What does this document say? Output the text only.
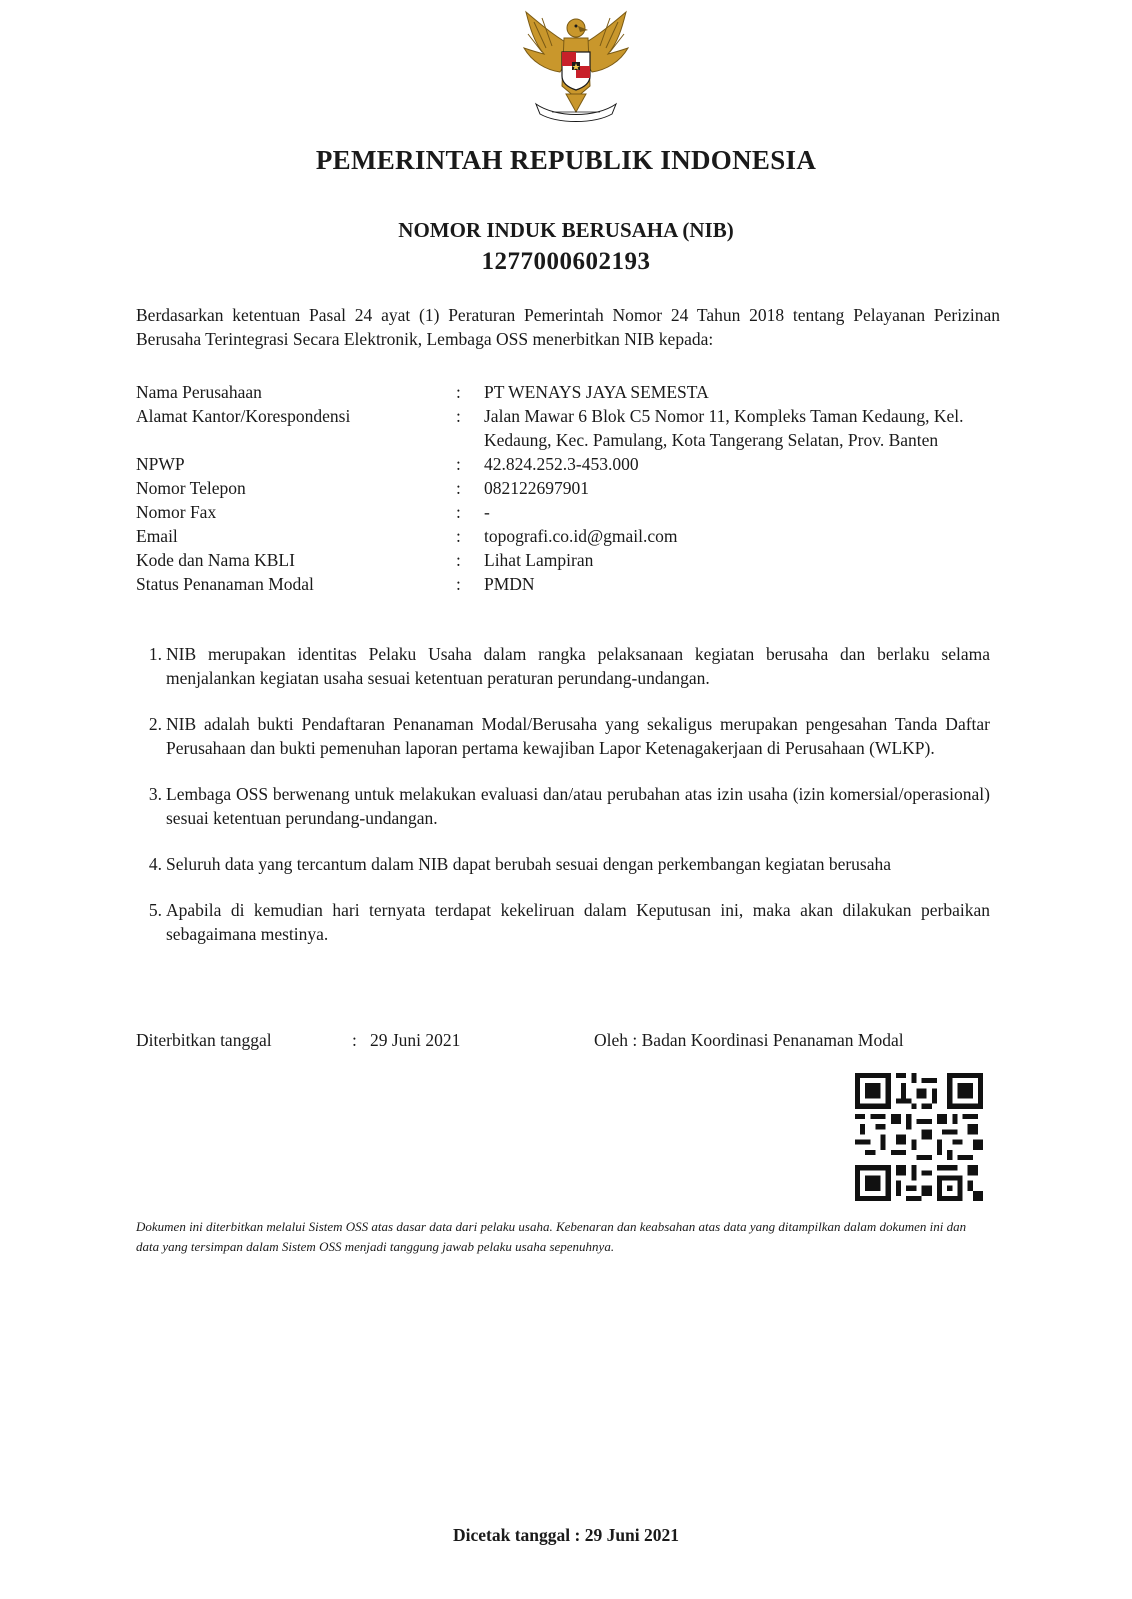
PEMERINTAH REPUBLIK INDONESIA
NOMOR INDUK BERUSAHA (NIB)
1277000602193
Berdasarkan ketentuan Pasal 24 ayat (1) Peraturan Pemerintah Nomor 24 Tahun 2018 tentang Pelayanan Perizinan Berusaha Terintegrasi Secara Elektronik, Lembaga OSS menerbitkan NIB kepada:
Nama Perusahaan	:	PT WENAYS JAYA SEMESTA
Alamat Kantor/Korespondensi	:	Jalan Mawar 6 Blok C5 Nomor 11, Kompleks Taman Kedaung, Kel. Kedaung, Kec. Pamulang, Kota Tangerang Selatan, Prov. Banten
NPWP	:	42.824.252.3-453.000
Nomor Telepon	:	082122697901
Nomor Fax	:	-
Email	:	topografi.co.id@gmail.com
Kode dan Nama KBLI	:	Lihat Lampiran
Status Penanaman Modal	:	PMDN
1. NIB merupakan identitas Pelaku Usaha dalam rangka pelaksanaan kegiatan berusaha dan berlaku selama menjalankan kegiatan usaha sesuai ketentuan peraturan perundang-undangan.
2. NIB adalah bukti Pendaftaran Penanaman Modal/Berusaha yang sekaligus merupakan pengesahan Tanda Daftar Perusahaan dan bukti pemenuhan laporan pertama kewajiban Lapor Ketenagakerjaan di Perusahaan (WLKP).
3. Lembaga OSS berwenang untuk melakukan evaluasi dan/atau perubahan atas izin usaha (izin komersial/operasional) sesuai ketentuan perundang-undangan.
4. Seluruh data yang tercantum dalam NIB dapat berubah sesuai dengan perkembangan kegiatan berusaha
5. Apabila di kemudian hari ternyata terdapat kekeliruan dalam Keputusan ini, maka akan dilakukan perbaikan sebagaimana mestinya.
Diterbitkan tanggal	: 29 Juni 2021	Oleh : Badan Koordinasi Penanaman Modal
Dokumen ini diterbitkan melalui Sistem OSS atas dasar data dari pelaku usaha. Kebenaran dan keabsahan atas data yang ditampilkan dalam dokumen ini dan data yang tersimpan dalam Sistem OSS menjadi tanggung jawab pelaku usaha sepenuhnya.
Dicetak tanggal : 29 Juni 2021
